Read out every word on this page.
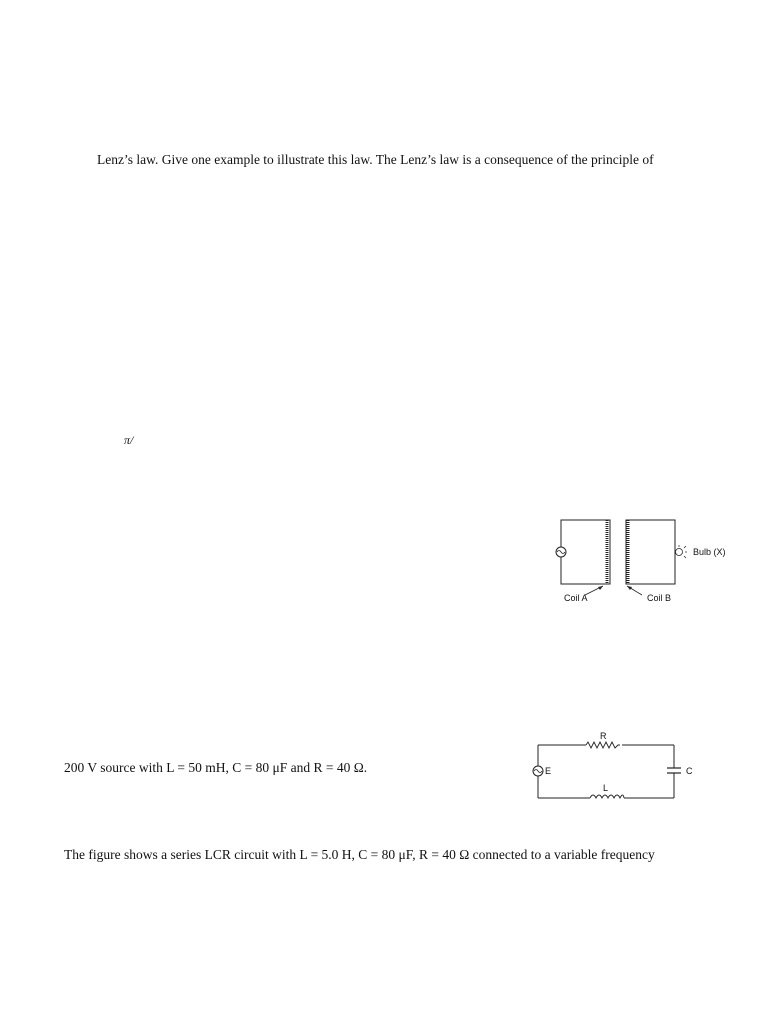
Lenz’s law. Give one example to illustrate this law. The Lenz’s law is a consequence of the principle of
π/
Bulb (X)
Coil A	Coil B
200 V source with L = 50 mH, C = 80 μF and R = 40 Ω.
R
L
C
E
The figure shows a series LCR circuit with L = 5.0 H, C = 80 μF, R = 40 Ω connected to a variable frequency
